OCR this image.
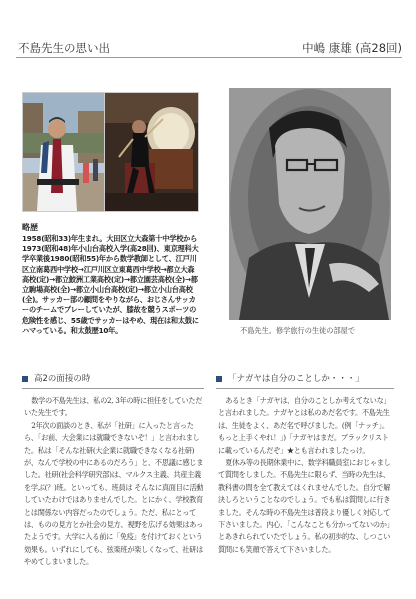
不島先生の思い出	中嶋 康雄 (高28回)
不島先生。修学旅行の生徒の部屋で
略歴
1958(昭和33)年生まれ。大田区立大森第十中学校から1973(昭和48)年小山台高校入学(高28回)、東京理科大学卒業後1980(昭和55)年から数学教師として、江戸川区立南葛西中学校→江戸川区立東葛西中学校→都立大森高校(定)→都立鮫洲工業高校(定)→都立園芸高校(全)→都立駒場高校(全)→都立小山台高校(定)→都立小山台高校(全)。サッカー部の顧問をやりながら、おじさんサッカーのチームでプレーしていたが、膝故を競うスポーツの危険性を感じ、55歳でサッカーはやめ、現在は和太鼓にハマっている。和太鼓歴10年。
高2の面接の時	「ナガヤは自分のことしか・・・」

数学の不島先生は、私の2, 3年の時に担任をしていただいた先生です。

2年次の面談のとき、私が「社研」に入ったと言ったら、「お前、大会業には就職できないぞ！」と言われました。私は「そんな社研(大企業に就職できなくなる社研)が、なんで学校の中にあるのだろう」と、不思議に感じました。社研(社会科学研究部)は、マルクス主義、共産主義を学ぶ(？)班。といっても、班員は そんなに真面目に活動していたわけではありませんでした。とにかく、学校教育とは関係ない内容だったのでしょう。ただ、私にとっては、ものの見方とか社会の見方、視野を広げる効果はあったようです。大学に入る前に「免疫」を付けておくという効果も。いずれにしても、弦楽班が楽しくなって、社研はやめてしまいました。

あるとき「ナガヤは、自分のことしか考えてないな」と言われました。ナガヤとは私のあだ名です。不島先生は、生徒をよく、あだ名で呼びました。(例「ナッチ」。もっと上手くやれ！」)「ナガヤはまだ。ブラックリストに載っているんだぞ」★とも言われましたっけ。

夏休み等の長期休業中に、数学科職員室におじゃまして質問をしました。不島先生に限らず、当時の先生は、教科書の問を全て教えてはくれませんでした。自分で解決しろということなのでしょう。でも私は質問しに行きました。そんな時の不島先生は普段より優しく対応して下さいました。内心、「こんなことも分かってないのか」とあきれられていたでしょう。私の初歩的な、しつこい質問にも笑顔で答えて下さいました。
